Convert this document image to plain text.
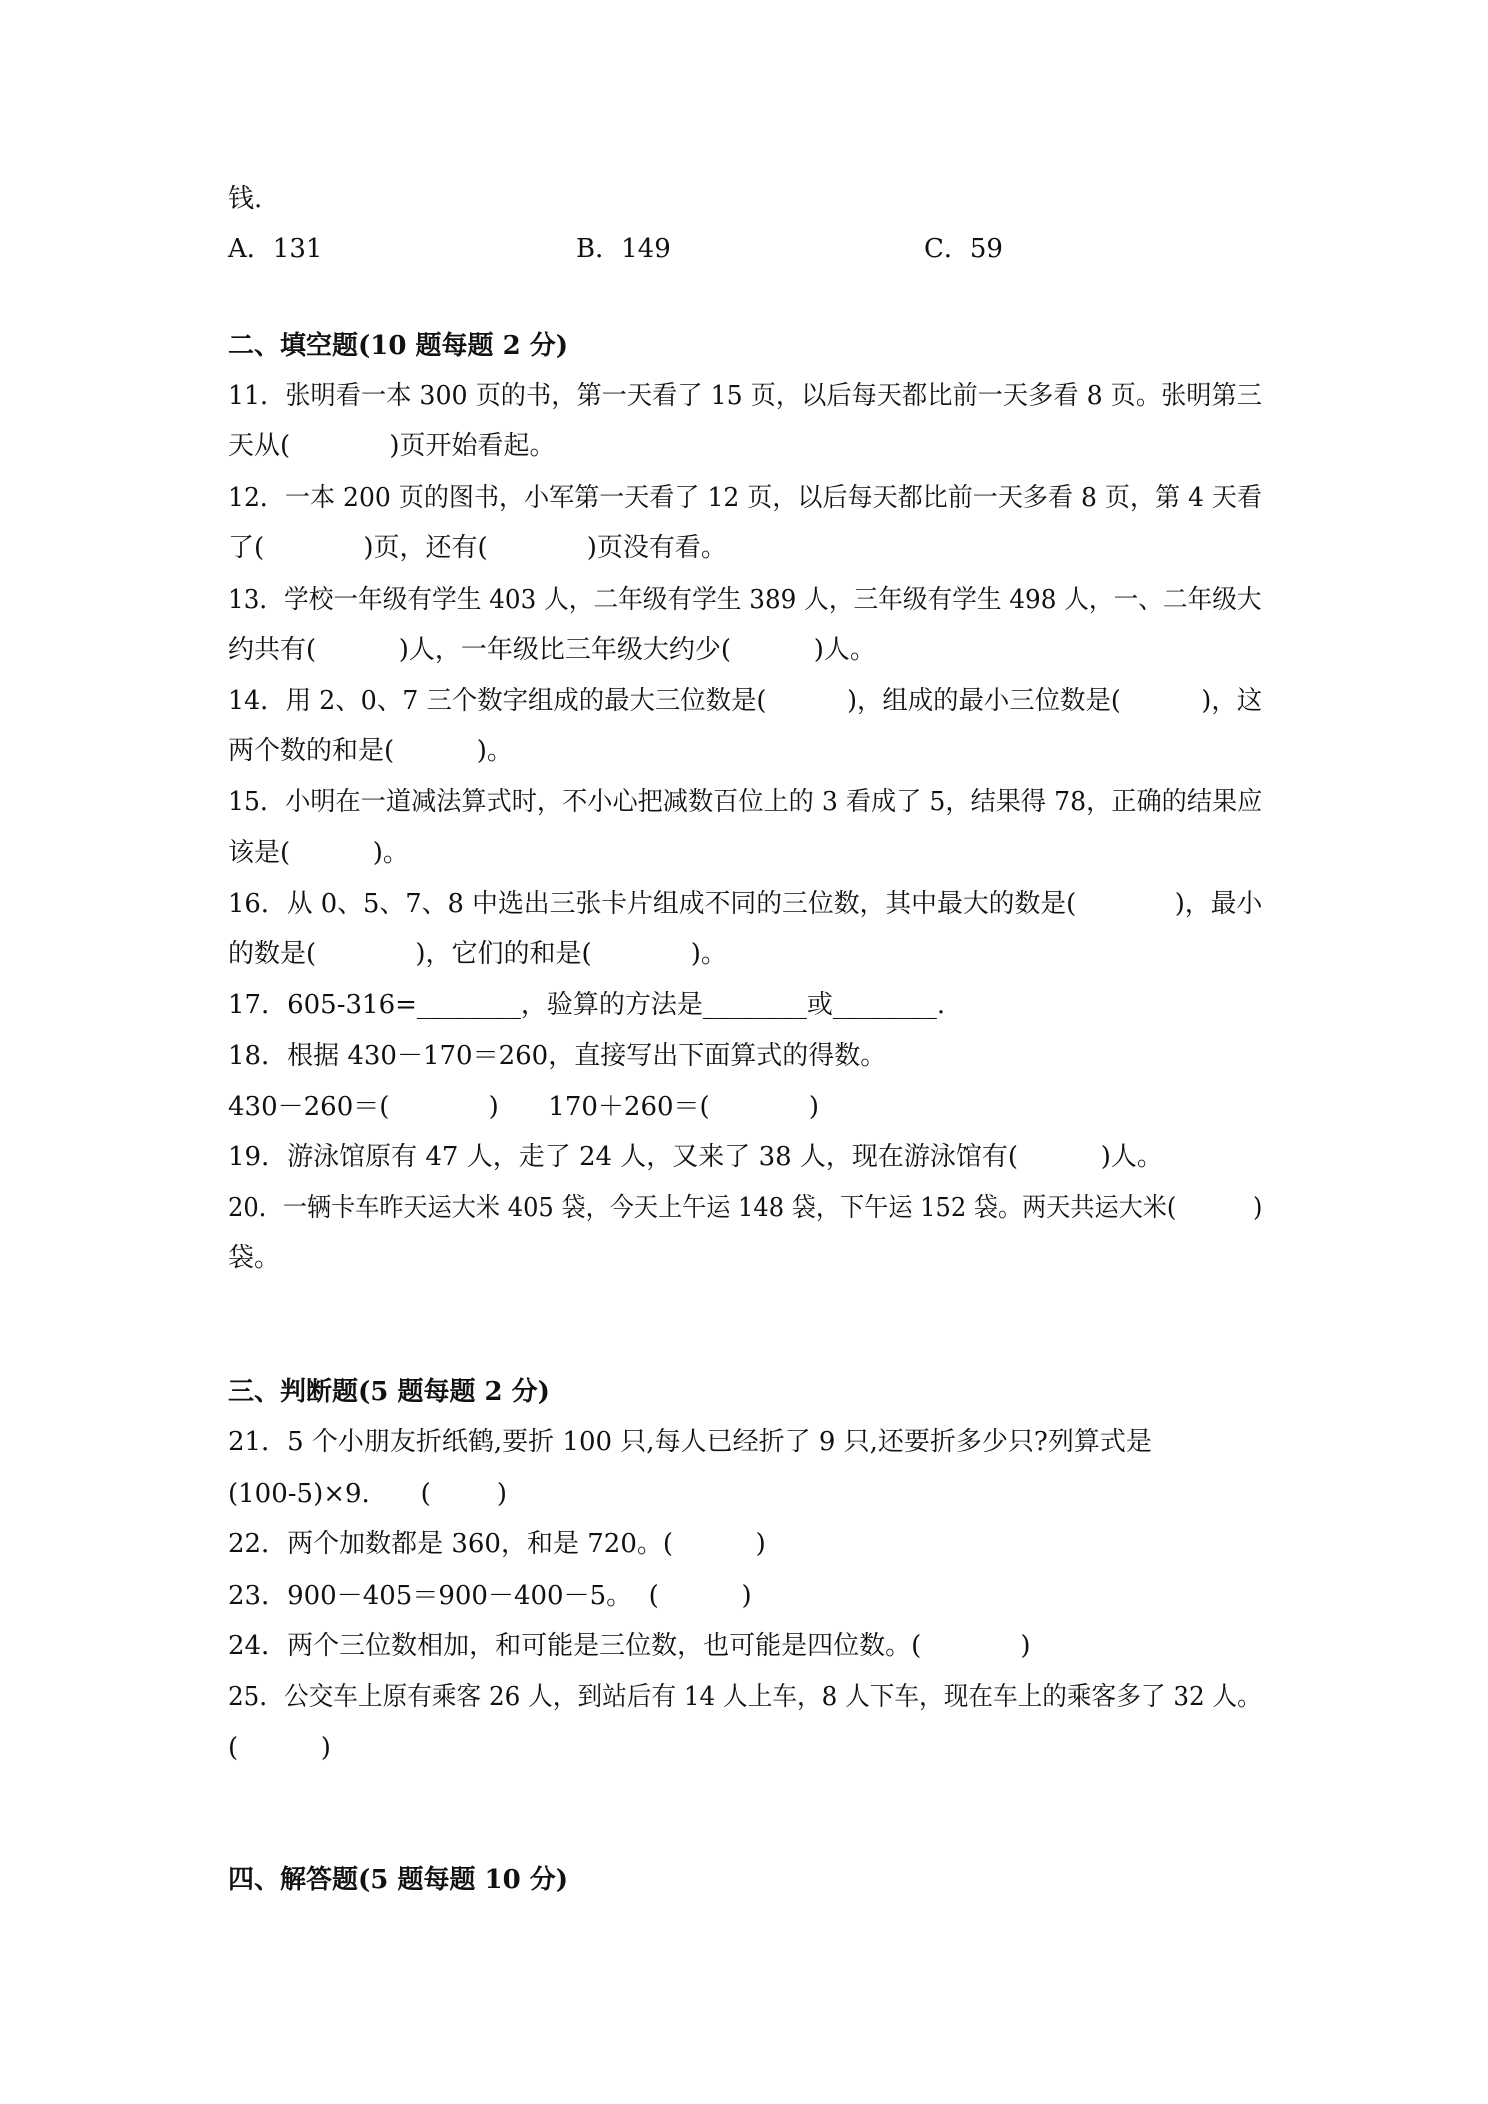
钱.
A．131	B．149	C．59
二、填空题(10 题每题 2 分)
11．张明看一本 300 页的书，第一天看了 15 页，以后每天都比前一天多看 8 页。张明第三
天从(            )页开始看起。
12．一本 200 页的图书，小军第一天看了 12 页，以后每天都比前一天多看 8 页，第 4 天看
了(            )页，还有(            )页没有看。
13．学校一年级有学生 403 人，二年级有学生 389 人，三年级有学生 498 人，一、二年级大
约共有(          )人，一年级比三年级大约少(          )人。
14．用 2、0、7 三个数字组成的最大三位数是(          )，组成的最小三位数是(          )，这
两个数的和是(          )。
15．小明在一道减法算式时，不小心把减数百位上的 3 看成了 5，结果得 78，正确的结果应
该是(          )。
16．从 0、5、7、8 中选出三张卡片组成不同的三位数，其中最大的数是(            )，最小
的数是(            )，它们的和是(            )。
17．605-316=________，验算的方法是________或________.
18．根据 430－170＝260，直接写出下面算式的得数。
430－260＝(            )      170＋260＝(            )
19．游泳馆原有 47 人，走了 24 人，又来了 38 人，现在游泳馆有(          )人。
20．一辆卡车昨天运大米 405 袋，今天上午运 148 袋，下午运 152 袋。两天共运大米(          )
袋。
三、判断题(5 题每题 2 分)
21．5 个小朋友折纸鹤,要折 100 只,每人已经折了 9 只,还要折多少只?列算式是
(100-5)×9．    (        )
22．两个加数都是 360，和是 720。(          )
23．900－405＝900－400－5。  (          )
24．两个三位数相加，和可能是三位数，也可能是四位数。(            )
25．公交车上原有乘客 26 人，到站后有 14 人上车，8 人下车，现在车上的乘客多了 32 人。
(          )
四、解答题(5 题每题 10 分)
